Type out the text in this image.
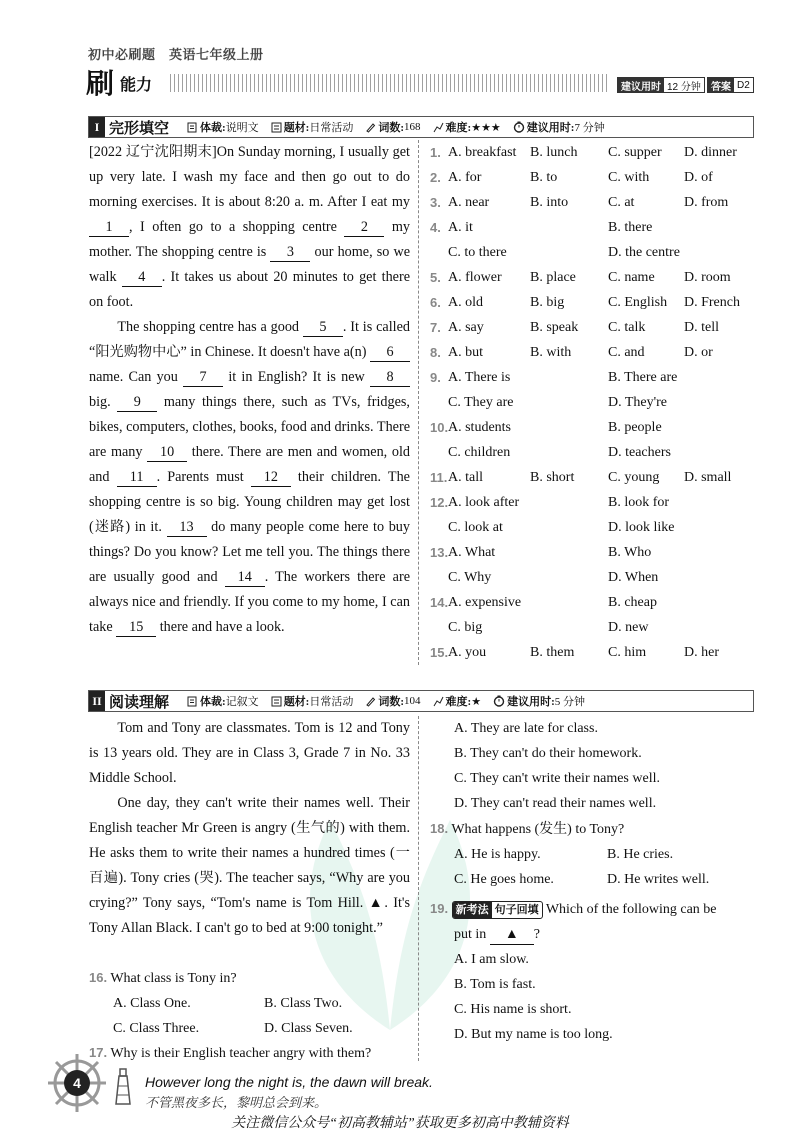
初中必刷题　英语七年级上册
刷 能力	建议用时 12 分钟	答案 D2
I 完形填空	体裁: 说明文 题材: 日常活动 词数: 168 难度: ★★★ 建议用时: 7 分钟

[2022 辽宁沈阳期末]On Sunday morning, I usually get up very late. I wash my face and then go out to do morning exercises. It is about 8:20 a. m. After I eat my 1 , I often go to a shopping centre 2 my mother. The shopping centre is 3 our home, so we walk 4 . It takes us about 20 minutes to get there on foot.

The shopping centre has a good 5 . It is called “阳光购物中心” in Chinese. It doesn't have a(n) 6 name. Can you 7 it in English? It is new 8 big. 9 many things there, such as TVs, fridges, bikes, computers, clothes, books, food and drinks. There are many 10 there. There are men and women, old and 11 . Parents must 12 their children. The shopping centre is so big. Young children may get lost (迷路) in it. 13 do many people come here to buy things? Do you know? Let me tell you. The things there are usually good and 14 . The workers there are always nice and friendly. If you come to my home, I can take 15 there and have a look.

1. A. breakfast B. lunch C. supper D. dinner
2. A. for	B. to	C. with D. of
3. A. near	B. into	C. at	D. from
4. A. it	B. there
C. to there	D. the centre
5. A. flower B. place C. name D. room
6. A. old	B. big	C. English D. French
7. A. say	B. speak C. talk	D. tell
8. A. but	B. with	C. and	D. or
9. A. There is	B. There are
C. They are	D. They're
10. A. students	B. people
C. children	D. teachers
11. A. tall	B. short C. young D. small
12. A. look after	B. look for
C. look at	D. look like
13. A. What	B. Who
C. Why	D. When
14. A. expensive	B. cheap
C. big	D. new
15. A. you	B. them C. him	D. her
II 阅读理解	体裁: 记叙文 题材: 日常活动 词数: 104 难度: ★ 建议用时: 5 分钟

Tom and Tony are classmates. Tom is 12 and Tony is 13 years old. They are in Class 3, Grade 7 in No. 33 Middle School.

One day, they can't write their names well. Their English teacher Mr Green is angry (生气的) with them. He asks them to write their names a hundred times (一百遍). Tony cries (哭). The teacher says, “Why are you crying?” Tony says, “Tom's name is Tom Hill. ▲. It's Tony Allan Black. I can't go to bed at 9:00 tonight.”

16. What class is Tony in?
A. Class One.	B. Class Two.
C. Class Three.	D. Class Seven.
17. Why is their English teacher angry with them?
A. They are late for class.
B. They can't do their homework.
C. They can't write their names well.
D. They can't read their names well.
18. What happens (发生) to Tony?
A. He is happy.	B. He cries.
C. He goes home.	D. He writes well.
19. 新考法 句子回填 Which of the following can be
put in ▲ ?
A. I am slow.
B. Tom is fast.
C. His name is short.
D. But my name is too long.
4	However long the night is, the dawn will break.
不管黑夜多长，黎明总会到来。
关注微信公众号“初高教辅站”获取更多初高中教辅资料
